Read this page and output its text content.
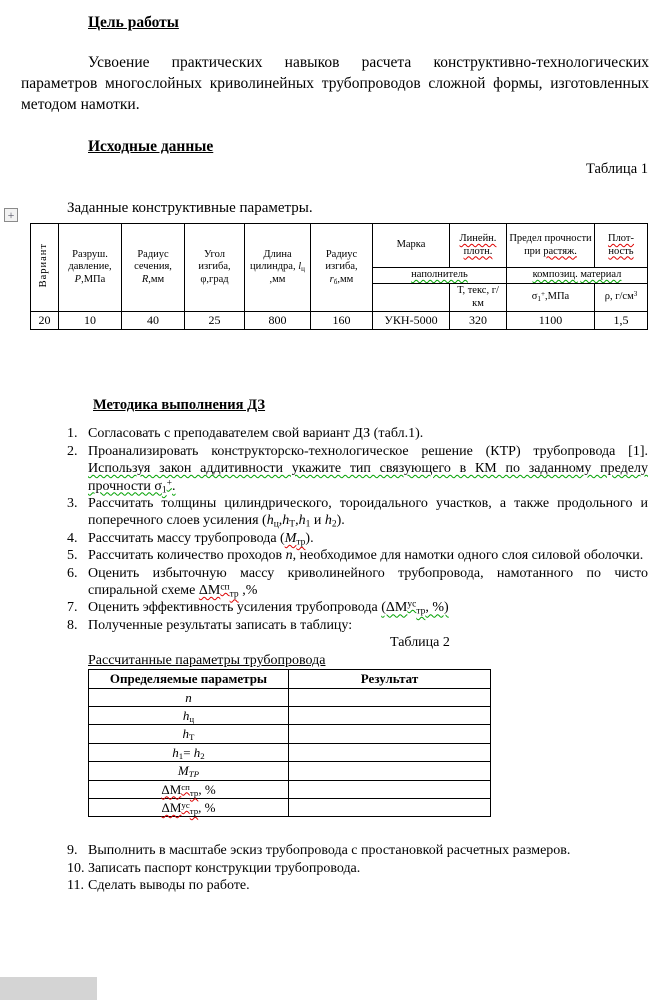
Цель работы
Усвоение практических навыков расчета конструктивно-технологических параметров многослойных криволинейных трубопроводов сложной формы, изготовленных методом намотки.
Исходные данные
Таблица 1
Заданные конструктивные параметры.
+
Вариант	Разруш. давление, P,МПа	Радиус сечения, R,мм	Угол изгиба, φ,град	Длина цилиндра, $l_ц$ ,мм	Радиус изгиба, $r_б,мм$	Марка	Линейн. плотн.	Предел прочности при растяж.	Плот-ность
						наполнитель		композиц. материал	
							Т, текс, г/км	$\sigma_1^+,МПа$	ρ, $г/см^3$
20	10	40	25	800	160	УКН-5000	320	1100	1,5
Методика выполнения ДЗ
1. Согласовать с преподавателем свой вариант ДЗ (табл.1).
2. Проанализировать конструкторско-технологическое решение (КТР) трубопровода [1]. Используя закон аддитивности укажите тип связующего в КМ по заданному пределу прочности $\sigma_1^+$.
3. Рассчитать толщины цилиндрического, тороидального участков, а также продольного и поперечного слоев усиления ($h_ц,h_Т,h_1$ и $h_2$).
4. Рассчитать массу трубопровода $(М_{тр})$.
5. Рассчитать количество проходов n, необходимое для намотки одного слоя силовой оболочки.
6. Оценить избыточную массу криволинейного трубопровода, намотанного по чисто спиральной схеме $\Delta М^{сп}_{тр}$ ,%
7. Оценить эффективность усиления трубопровода ($\Delta М^{ус}_{тр}$, %)
8. Полученные результаты записать в таблицу:
Таблица 2
Рассчитанные параметры трубопровода
Определяемые параметры	Результат
n	
$h_ц$	
$h_Т$	
$h_1= h_2$	
$М_{ТР}$	
$\Delta М^{сп}_{тр}$, %	
$\Delta М^{ус}_{тр}$, %	
9. Выполнить в масштабе эскиз трубопровода с простановкой расчетных размеров.
10. Записать паспорт конструкции трубопровода.
11. Сделать выводы по работе.
